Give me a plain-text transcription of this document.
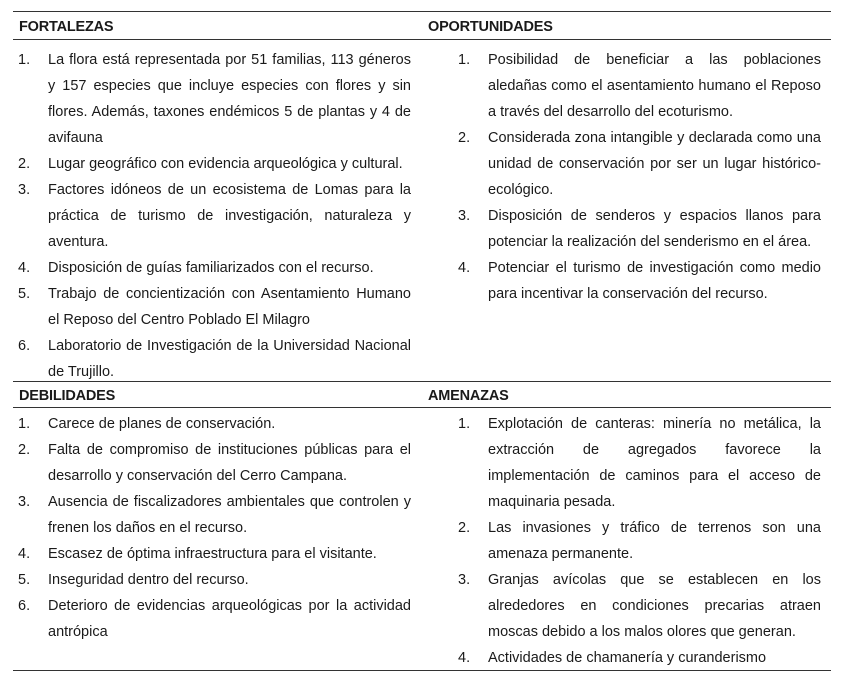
FORTALEZAS
1. La flora está representada por 51 familias, 113 géneros y 157 especies que incluye especies con flores y sin flores. Además, taxones endémicos 5 de plantas y 4 de avifauna
2. Lugar geográfico con evidencia arqueológica y cultural.
3. Factores idóneos de un ecosistema de Lomas para la práctica de turismo de investigación, naturaleza y aventura.
4. Disposición de guías familiarizados con el recurso.
5. Trabajo de concientización con Asentamiento Humano el Reposo del Centro Poblado El Milagro
6. Laboratorio de Investigación de la Universidad Nacional de Trujillo.
OPORTUNIDADES
1. Posibilidad de beneficiar a las poblaciones aledañas como el asentamiento humano el Reposo a través del desarrollo del ecoturismo.
2. Considerada zona intangible y declarada como una unidad de conservación por ser un lugar histórico-ecológico.
3. Disposición de senderos y espacios llanos para potenciar la realización del senderismo en el área.
4. Potenciar el turismo de investigación como medio para incentivar la conservación del recurso.
DEBILIDADES
1. Carece de planes de conservación.
2. Falta de compromiso de instituciones públicas para el desarrollo y conservación del Cerro Campana.
3. Ausencia de fiscalizadores ambientales que controlen y frenen los daños en el recurso.
4. Escasez de óptima infraestructura para el visitante.
5. Inseguridad dentro del recurso.
6. Deterioro de evidencias arqueológicas por la actividad antrópica
AMENAZAS
1. Explotación de canteras: minería no metálica, la extracción de agregados favorece la implementación de caminos para el acceso de maquinaria pesada.
2. Las invasiones y tráfico de terrenos son una amenaza permanente.
3. Granjas avícolas que se establecen en los alrededores en condiciones precarias atraen moscas debido a los malos olores que generan.
4. Actividades de chamanería y curanderismo
